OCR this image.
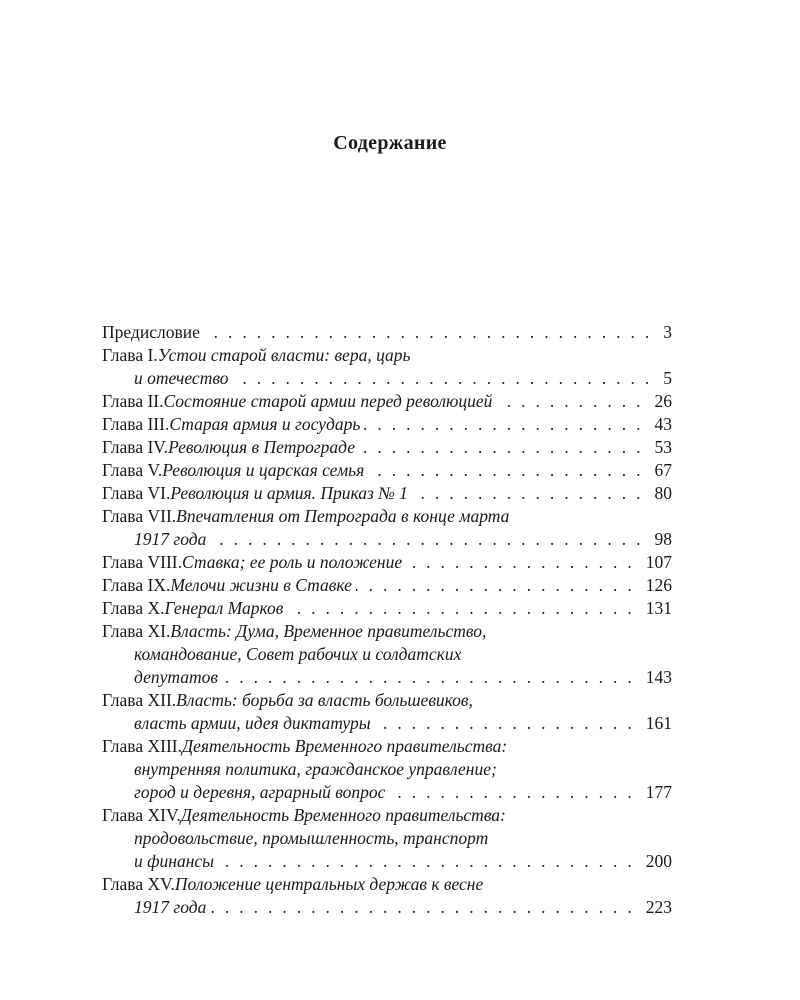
Содержание
Предисловие .....	3
Глава I. Устои старой власти: вера, царь
и отечество .....	5
Глава II. Состояние старой армии перед революцией .....	26
Глава III. Старая армия и государь .....	43
Глава IV. Революция в Петрограде .....	53
Глава V. Революция и царская семья .....	67
Глава VI. Революция и армия. Приказ № 1 .....	80
Глава VII. Впечатления от Петрограда в конце марта
1917 года .....	98
Глава VIII. Ставка; ее роль и положение .....	107
Глава IX. Мелочи жизни в Ставке .....	126
Глава X. Генерал Марков .....	131
Глава XI. Власть: Дума, Временное правительство,
командование, Совет рабочих и солдатских
депутатов .....	143
Глава XII. Власть: борьба за власть большевиков,
власть армии, идея диктатуры .....	161
Глава XIII. Деятельность Временного правительства:
внутренняя политика, гражданское управление;
город и деревня, аграрный вопрос .....	177
Глава XIV. Деятельность Временного правительства:
продовольствие, промышленность, транспорт
и финансы .....	200
Глава XV. Положение центральных держав к весне
1917 года .....	223
